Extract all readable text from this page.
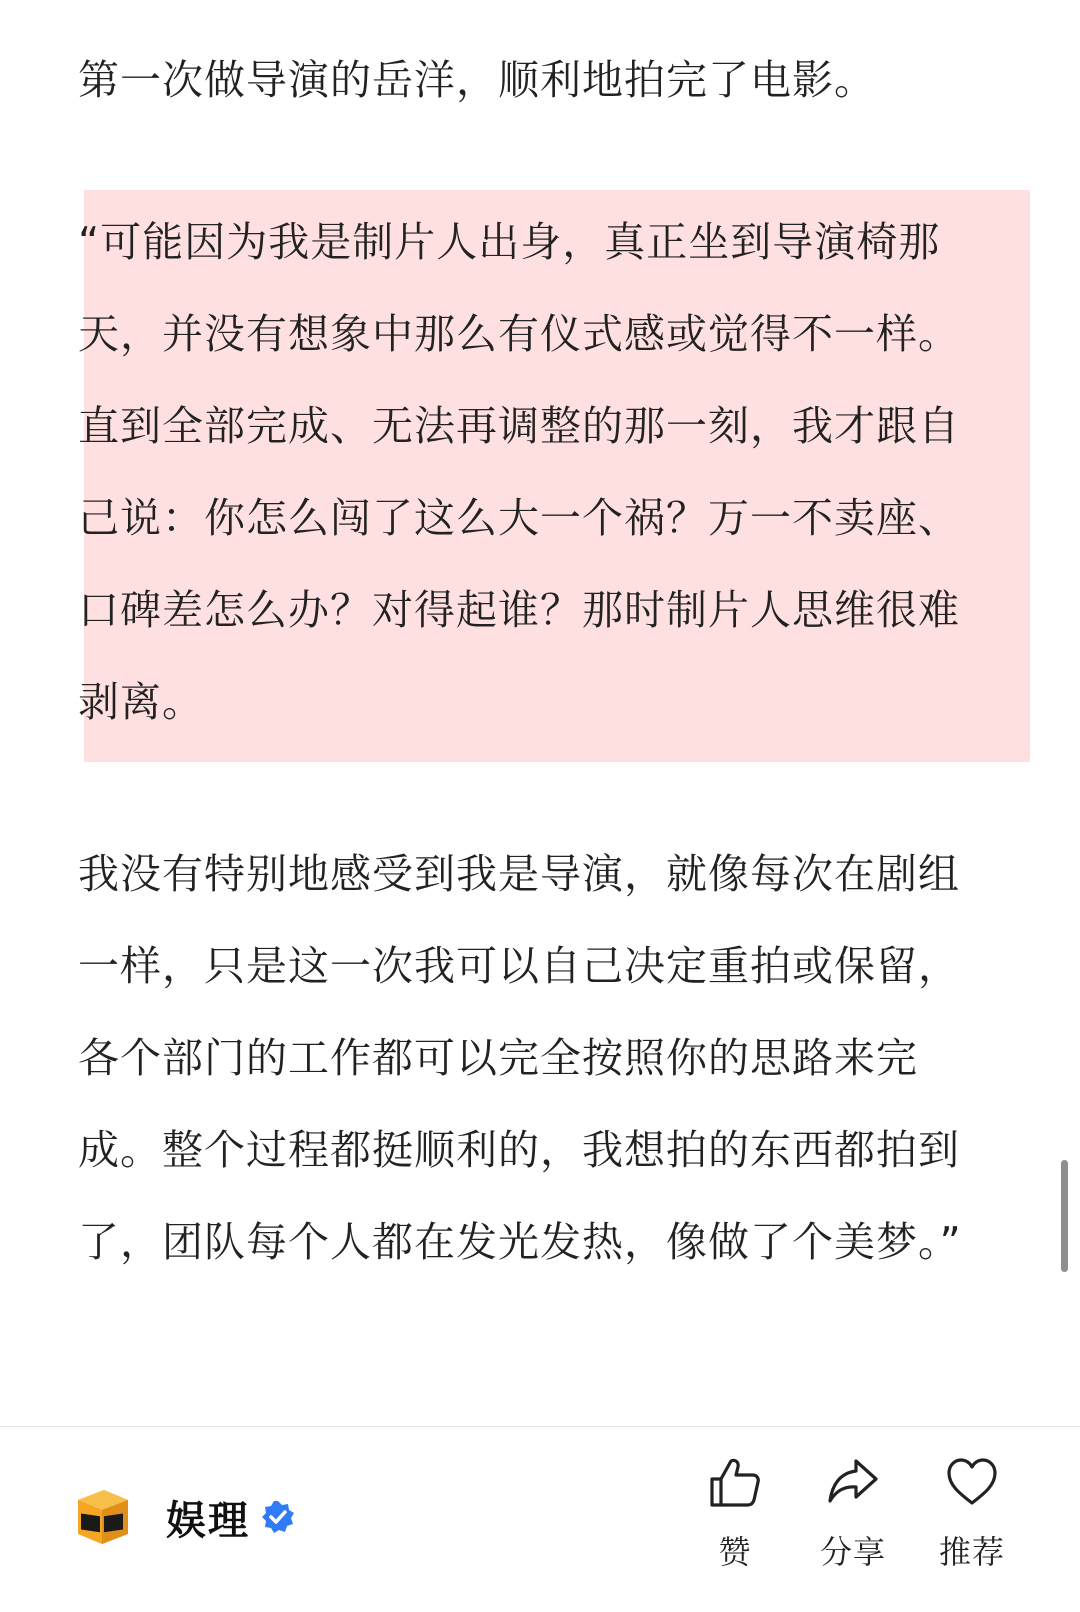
第一次做导演的岳洋，顺利地拍完了电影。

“可能因为我是制片人出身，真正坐到导演椅那天，并没有想象中那么有仪式感或觉得不一样。直到全部完成、无法再调整的那一刻，我才跟自己说：你怎么闯了这么大一个祸？万一不卖座、口碑差怎么办？对得起谁？那时制片人思维很难剥离。

我没有特别地感受到我是导演，就像每次在剧组一样，只是这一次我可以自己决定重拍或保留，各个部门的工作都可以完全按照你的思路来完成。整个过程都挺顺利的，我想拍的东西都拍到了，团队每个人都在发光发热，像做了个美梦。”

娱理
赞	分享	推荐
